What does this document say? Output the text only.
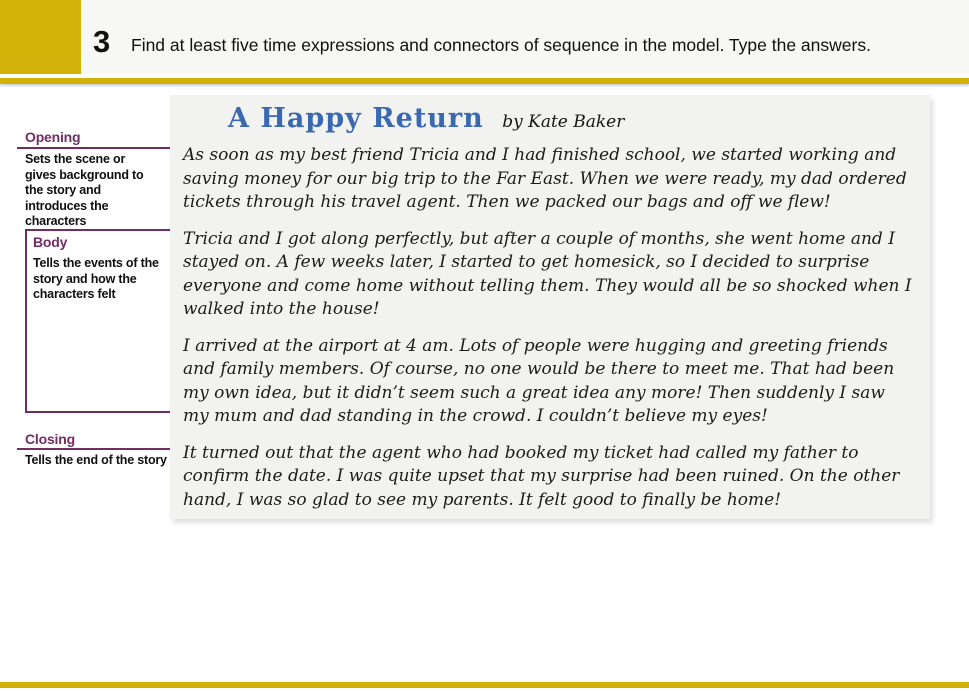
3 Find at least five time expressions and connectors of sequence in the model. Type the answers.
Opening
Sets the scene or gives background to the story and introduces the characters
Body
Tells the events of the story and how the characters felt
Closing
Tells the end of the story
A Happy Return by Kate Baker

As soon as my best friend Tricia and I had finished school, we started working and saving money for our big trip to the Far East. When we were ready, my dad ordered tickets through his travel agent. Then we packed our bags and off we flew!

Tricia and I got along perfectly, but after a couple of months, she went home and I stayed on. A few weeks later, I started to get homesick, so I decided to surprise everyone and come home without telling them. They would all be so shocked when I walked into the house!

I arrived at the airport at 4 am. Lots of people were hugging and greeting friends and family members. Of course, no one would be there to meet me. That had been my own idea, but it didn’t seem such a great idea any more! Then suddenly I saw my mum and dad standing in the crowd. I couldn’t believe my eyes!

It turned out that the agent who had booked my ticket had called my father to confirm the date. I was quite upset that my surprise had been ruined. On the other hand, I was so glad to see my parents. It felt good to finally be home!
